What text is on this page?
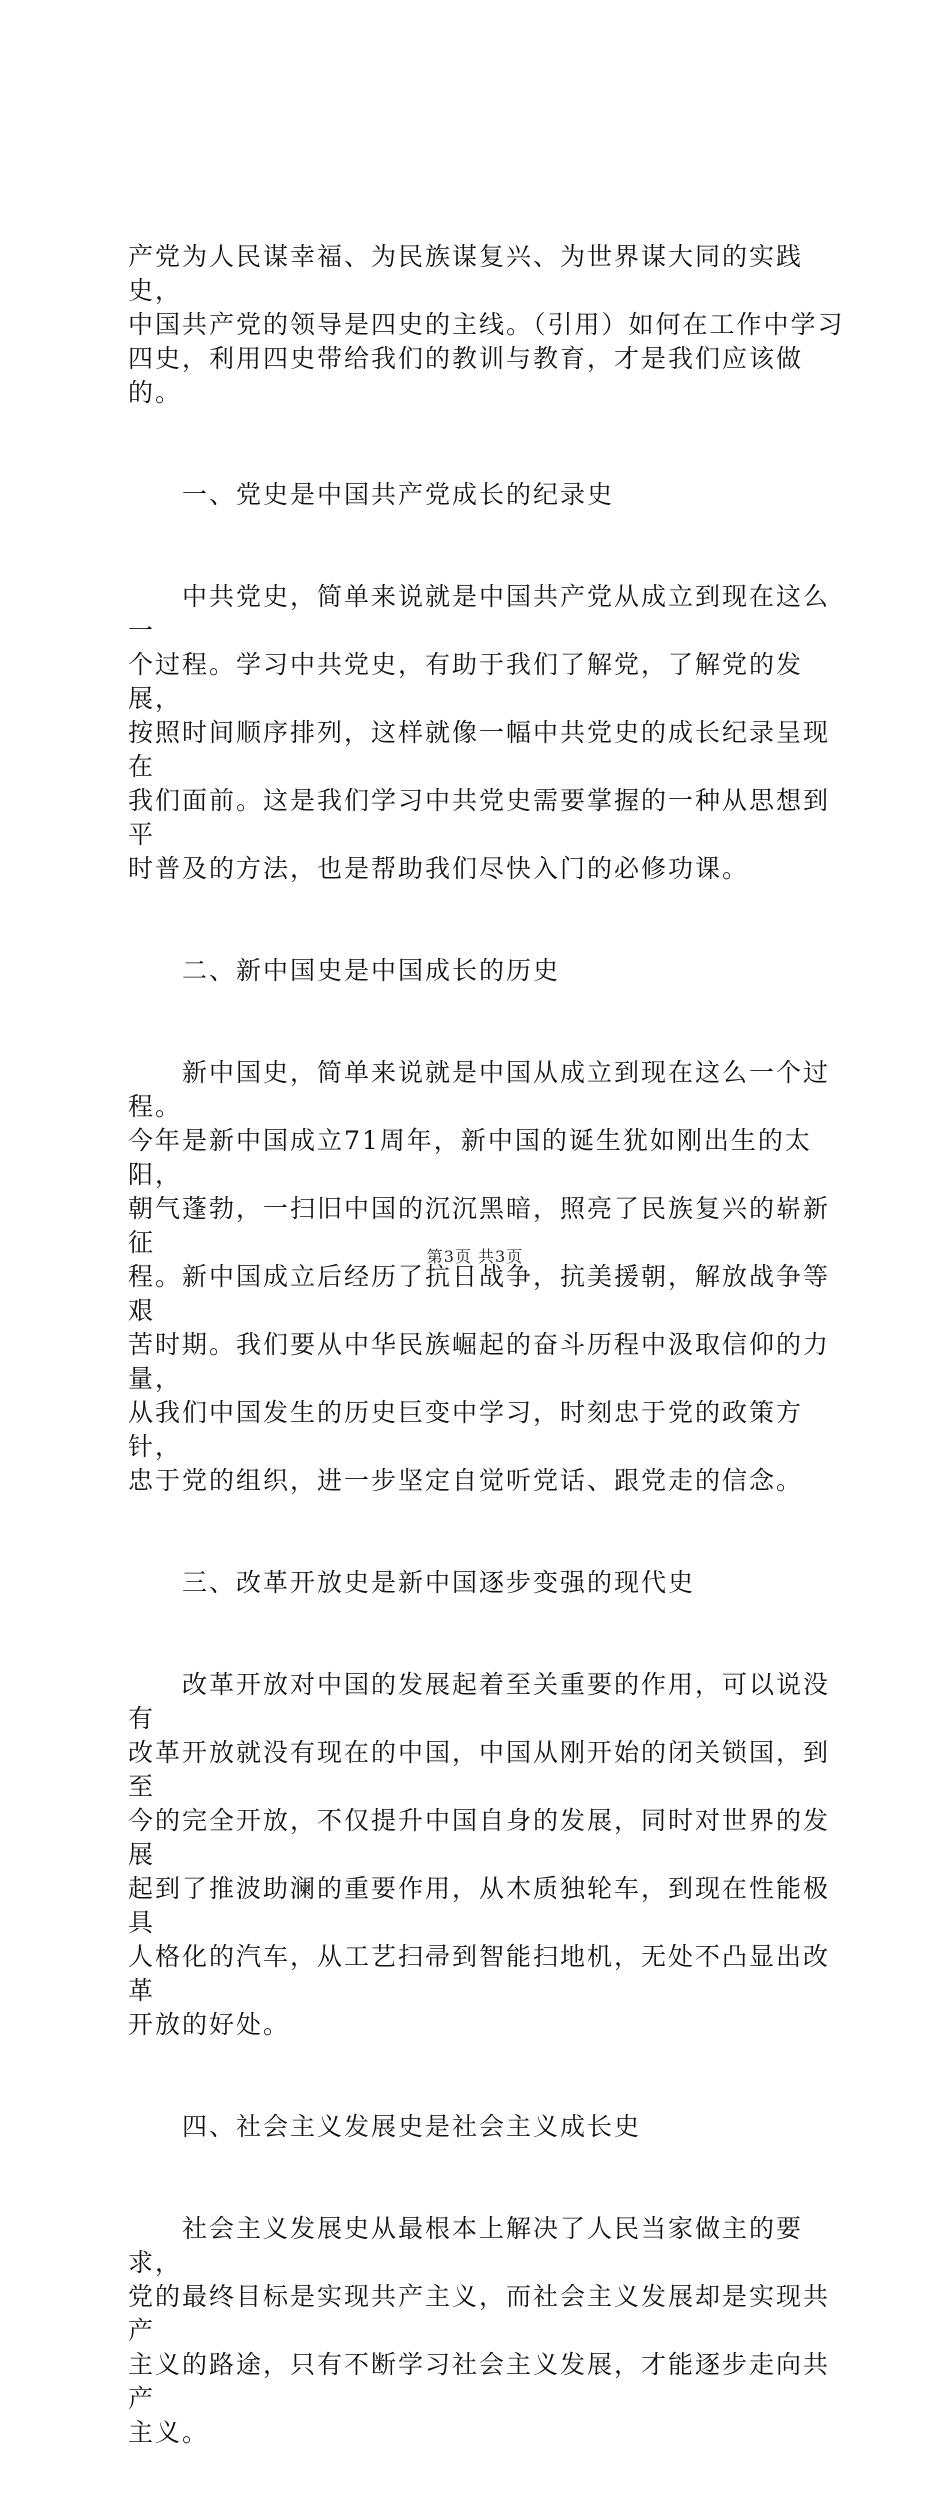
产党为人民谋幸福、为民族谋复兴、为世界谋大同的实践史，
中国共产党的领导是四史的主线。（引用）如何在工作中学习
四史，利用四史带给我们的教训与教育，才是我们应该做的。

　　一、党史是中国共产党成长的纪录史

　　中共党史，简单来说就是中国共产党从成立到现在这么一
个过程。学习中共党史，有助于我们了解党，了解党的发展，
按照时间顺序排列，这样就像一幅中共党史的成长纪录呈现在
我们面前。这是我们学习中共党史需要掌握的一种从思想到平
时普及的方法，也是帮助我们尽快入门的必修功课。

　　二、新中国史是中国成长的历史

　　新中国史，简单来说就是中国从成立到现在这么一个过程。
今年是新中国成立71周年，新中国的诞生犹如刚出生的太阳，
朝气蓬勃，一扫旧中国的沉沉黑暗，照亮了民族复兴的崭新征
程。新中国成立后经历了抗日战争，抗美援朝，解放战争等艰
苦时期。我们要从中华民族崛起的奋斗历程中汲取信仰的力量，
从我们中国发生的历史巨变中学习，时刻忠于党的政策方针，
忠于党的组织，进一步坚定自觉听党话、跟党走的信念。

　　三、改革开放史是新中国逐步变强的现代史

　　改革开放对中国的发展起着至关重要的作用，可以说没有
改革开放就没有现在的中国，中国从刚开始的闭关锁国，到至
今的完全开放，不仅提升中国自身的发展，同时对世界的发展
起到了推波助澜的重要作用，从木质独轮车，到现在性能极具
人格化的汽车，从工艺扫帚到智能扫地机，无处不凸显出改革
开放的好处。

　　四、社会主义发展史是社会主义成长史

　　社会主义发展史从最根本上解决了人民当家做主的要求，
党的最终目标是实现共产主义，而社会主义发展却是实现共产
主义的路途，只有不断学习社会主义发展，才能逐步走向共产
主义。

第3页 共3页
